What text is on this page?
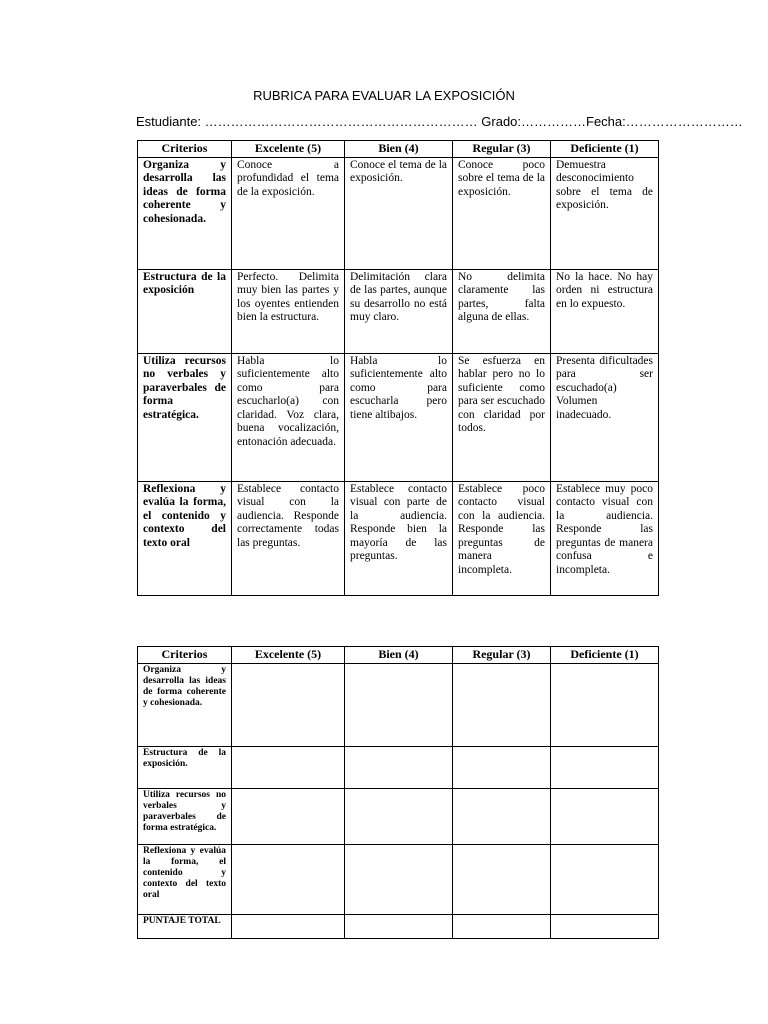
RUBRICA PARA EVALUAR LA EXPOSICIÓN
Estudiante: ……………………………………………………… Grado:……………Fecha:………………………
Criterios	Excelente (5)	Bien (4)	Regular (3)	Deficiente (1)
Organiza y desarrolla las ideas de forma coherente y cohesionada.	Conoce a profundidad el tema de la exposición.	Conoce el tema de la exposición.	Conoce poco sobre el tema de la exposición.	Demuestra desconocimiento sobre el tema de exposición.
Estructura de la exposición	Perfecto. Delimita muy bien las partes y los oyentes entienden bien la estructura.	Delimitación clara de las partes, aunque su desarrollo no está muy claro.	No delimita claramente las partes, falta alguna de ellas.	No la hace. No hay orden ni estructura en lo expuesto.
Utiliza recursos no verbales y paraverbales de forma estratégica.	Habla lo suficientemente alto como para escucharlo(a) con claridad. Voz clara, buena vocalización, entonación adecuada.	Habla lo suficientemente alto como para escucharla pero tiene altibajos.	Se esfuerza en hablar pero no lo suficiente como para ser escuchado con claridad por todos.	Presenta dificultades para ser escuchado(a) Volumen inadecuado.
Reflexiona y evalúa la forma, el contenido y contexto del texto oral	Establece contacto visual con la audiencia. Responde correctamente todas las preguntas.	Establece contacto visual con parte de la audiencia. Responde bien la mayoría de las preguntas.	Establece poco contacto visual con la audiencia. Responde las preguntas de manera incompleta.	Establece muy poco contacto visual con la audiencia. Responde las preguntas de manera confusa e incompleta.
Criterios	Excelente (5)	Bien (4)	Regular (3)	Deficiente (1)
Organiza y desarrolla las ideas de forma coherente y cohesionada.				
Estructura de la exposición.				
Utiliza recursos no verbales y paraverbales de forma estratégica.				
Reflexiona y evalúa la forma, el contenido y contexto del texto oral				
PUNTAJE TOTAL				
